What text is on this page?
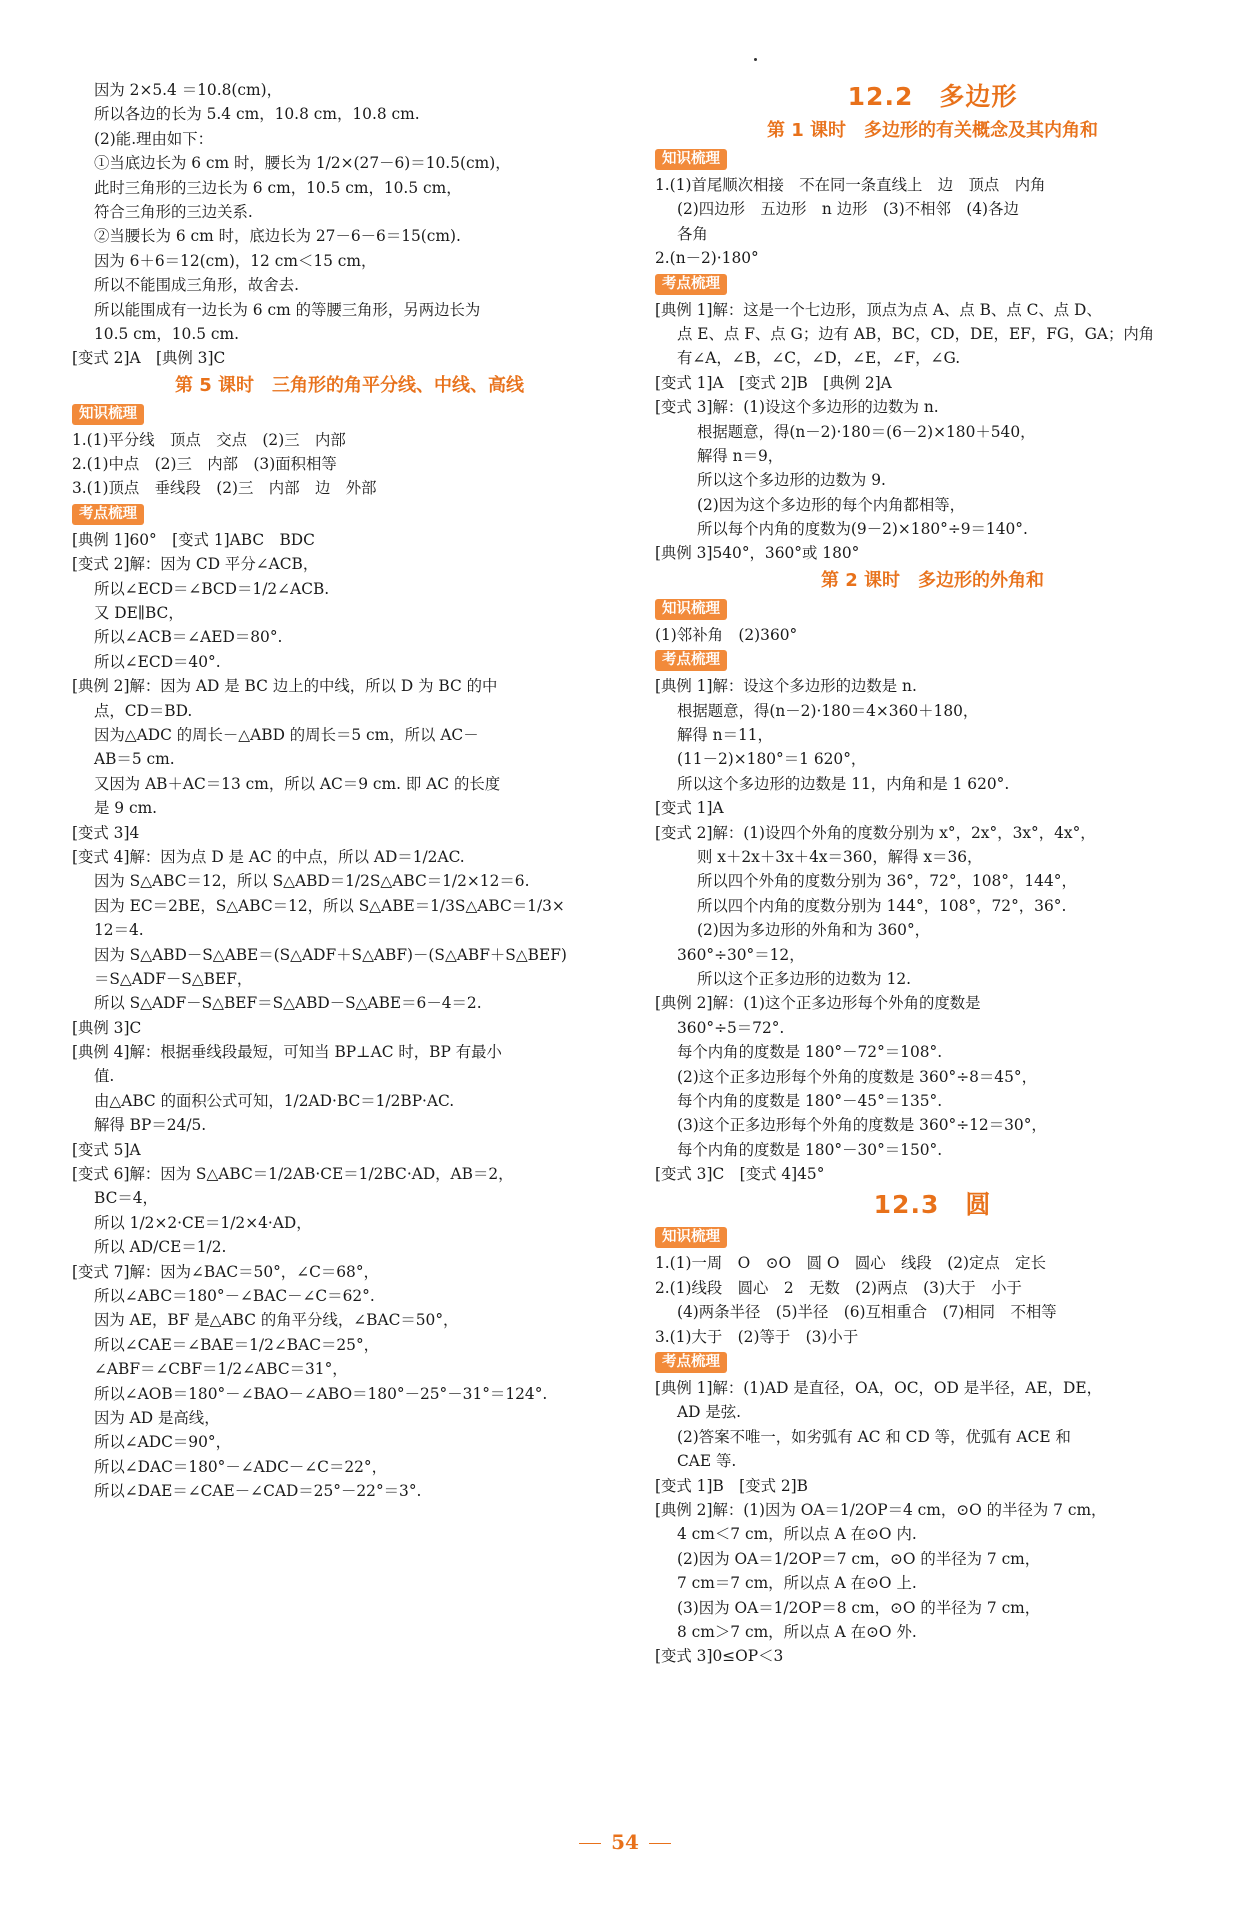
因为 2×5.4 ＝10.8(cm)，
所以各边的长为 5.4 cm，10.8 cm，10.8 cm.
(2)能.理由如下：
①当底边长为 6 cm 时，腰长为 1/2×(27－6)＝10.5(cm)，
此时三角形的三边长为 6 cm，10.5 cm，10.5 cm，
符合三角形的三边关系.
②当腰长为 6 cm 时，底边长为 27－6－6＝15(cm).
因为 6＋6＝12(cm)，12 cm＜15 cm，
所以不能围成三角形，故舍去.
所以能围成有一边长为 6 cm 的等腰三角形，另两边长为
10.5 cm，10.5 cm.
[变式 2]A　[典例 3]C
第 5 课时　三角形的角平分线、中线、高线
知识梳理
1.(1)平分线　顶点　交点　(2)三　内部
2.(1)中点　(2)三　内部　(3)面积相等
3.(1)顶点　垂线段　(2)三　内部　边　外部
考点梳理
[典例 1]60°　[变式 1]ABC　BDC
[变式 2]解：因为 CD 平分∠ACB，
所以∠ECD＝∠BCD＝1/2∠ACB.
又 DE∥BC，
所以∠ACB＝∠AED＝80°.
所以∠ECD＝40°.
[典例 2]解：因为 AD 是 BC 边上的中线，所以 D 为 BC 的中
点，CD＝BD.
因为△ADC 的周长－△ABD 的周长＝5 cm，所以 AC－
AB＝5 cm.
又因为 AB＋AC＝13 cm，所以 AC＝9 cm. 即 AC 的长度
是 9 cm.
[变式 3]4
[变式 4]解：因为点 D 是 AC 的中点，所以 AD＝1/2AC.
因为 S△ABC＝12，所以 S△ABD＝1/2S△ABC＝1/2×12＝6.
因为 EC＝2BE，S△ABC＝12，所以 S△ABE＝1/3S△ABC＝1/3×
12＝4.
因为 S△ABD－S△ABE＝(S△ADF＋S△ABF)－(S△ABF＋S△BEF)
＝S△ADF－S△BEF，
所以 S△ADF－S△BEF＝S△ABD－S△ABE＝6－4＝2.
[典例 3]C
[典例 4]解：根据垂线段最短，可知当 BP⊥AC 时，BP 有最小
值.
由△ABC 的面积公式可知，1/2AD·BC＝1/2BP·AC.
解得 BP＝24/5.
[变式 5]A
[变式 6]解：因为 S△ABC＝1/2AB·CE＝1/2BC·AD，AB＝2，
BC＝4，
所以 1/2×2·CE＝1/2×4·AD，
所以 AD/CE＝1/2.
[变式 7]解：因为∠BAC＝50°，∠C＝68°，
所以∠ABC＝180°－∠BAC－∠C＝62°.
因为 AE，BF 是△ABC 的角平分线，∠BAC＝50°，
所以∠CAE＝∠BAE＝1/2∠BAC＝25°，
∠ABF＝∠CBF＝1/2∠ABC＝31°，
所以∠AOB＝180°－∠BAO－∠ABO＝180°－25°－31°＝124°.
因为 AD 是高线，
所以∠ADC＝90°，
所以∠DAC＝180°－∠ADC－∠C＝22°，
所以∠DAE＝∠CAE－∠CAD＝25°－22°＝3°.
12.2　多边形
第 1 课时　多边形的有关概念及其内角和
知识梳理
1.(1)首尾顺次相接　不在同一条直线上　边　顶点　内角
(2)四边形　五边形　n 边形　(3)不相邻　(4)各边
各角
2.(n－2)·180°
考点梳理
[典例 1]解：这是一个七边形，顶点为点 A、点 B、点 C、点 D、
点 E、点 F、点 G；边有 AB，BC，CD，DE，EF，FG，GA；内角
有∠A，∠B，∠C，∠D，∠E，∠F，∠G.
[变式 1]A　[变式 2]B　[典例 2]A
[变式 3]解：(1)设这个多边形的边数为 n.
根据题意，得(n－2)·180＝(6－2)×180＋540，
解得 n＝9，
所以这个多边形的边数为 9.
(2)因为这个多边形的每个内角都相等，
所以每个内角的度数为(9－2)×180°÷9＝140°.
[典例 3]540°，360°或 180°
第 2 课时　多边形的外角和
知识梳理
(1)邻补角　(2)360°
考点梳理
[典例 1]解：设这个多边形的边数是 n.
根据题意，得(n－2)·180＝4×360＋180，
解得 n＝11，
(11－2)×180°＝1 620°，
所以这个多边形的边数是 11，内角和是 1 620°.
[变式 1]A
[变式 2]解：(1)设四个外角的度数分别为 x°，2x°，3x°，4x°，
则 x＋2x＋3x＋4x＝360，解得 x＝36，
所以四个外角的度数分别为 36°，72°，108°，144°，
所以四个内角的度数分别为 144°，108°，72°，36°.
(2)因为多边形的外角和为 360°，
360°÷30°＝12，
所以这个正多边形的边数为 12.
[典例 2]解：(1)这个正多边形每个外角的度数是
360°÷5＝72°.
每个内角的度数是 180°－72°＝108°.
(2)这个正多边形每个外角的度数是 360°÷8＝45°，
每个内角的度数是 180°－45°＝135°.
(3)这个正多边形每个外角的度数是 360°÷12＝30°，
每个内角的度数是 180°－30°＝150°.
[变式 3]C　[变式 4]45°
12.3　圆
知识梳理
1.(1)一周　O　⊙O　圆 O　圆心　线段　(2)定点　定长
2.(1)线段　圆心　2　无数　(2)两点　(3)大于　小于
(4)两条半径　(5)半径　(6)互相重合　(7)相同　不相等
3.(1)大于　(2)等于　(3)小于
考点梳理
[典例 1]解：(1)AD 是直径，OA，OC，OD 是半径，AE，DE，
AD 是弦.
(2)答案不唯一，如劣弧有 AC 和 CD 等，优弧有 ACE 和
CAE 等.
[变式 1]B　[变式 2]B
[典例 2]解：(1)因为 OA＝1/2OP＝4 cm，⊙O 的半径为 7 cm，
4 cm＜7 cm，所以点 A 在⊙O 内.
(2)因为 OA＝1/2OP＝7 cm，⊙O 的半径为 7 cm，
7 cm＝7 cm，所以点 A 在⊙O 上.
(3)因为 OA＝1/2OP＝8 cm，⊙O 的半径为 7 cm，
8 cm＞7 cm，所以点 A 在⊙O 外.
[变式 3]0≤OP＜3
54
